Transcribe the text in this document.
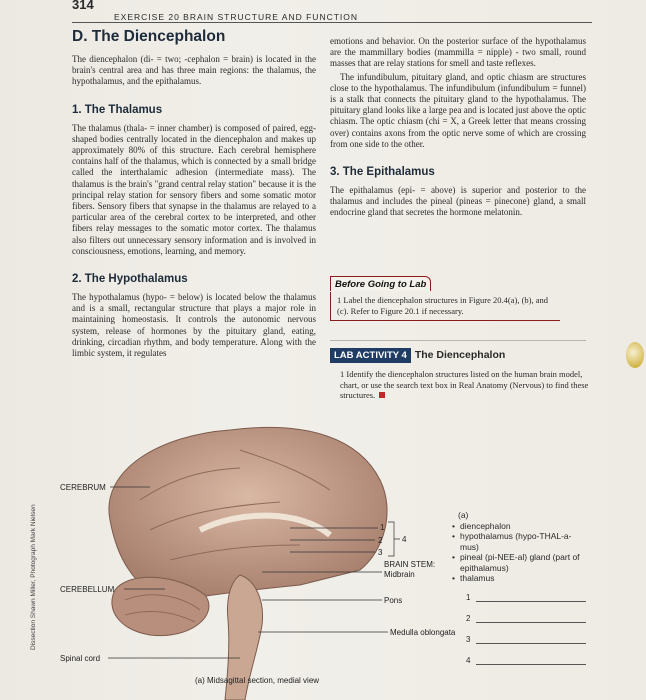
314
EXERCISE 20 BRAIN STRUCTURE AND FUNCTION
D. The Diencephalon

The diencephalon (di- = two; -cephalon = brain) is located in the brain's central area and has three main regions: the thalamus, the hypothalamus, and the epithalamus.

1. The Thalamus

The thalamus (thala- = inner chamber) is composed of paired, egg-shaped bodies centrally located in the diencephalon and makes up approximately 80% of this structure. Each cerebral hemisphere contains half of the thalamus, which is connected by a small bridge called the interthalamic adhesion (intermediate mass). The thalamus is the brain's "grand central relay station" because it is the principal relay station for sensory fibers and some somatic motor fibers. Sensory fibers that synapse in the thalamus are relayed to a particular area of the cerebral cortex to be interpreted, and other fibers relay messages to the somatic motor cortex. The thalamus also filters out unnecessary sensory information and is involved in consciousness, emotions, learning, and memory.

2. The Hypothalamus

The hypothalamus (hypo- = below) is located below the thalamus and is a small, rectangular structure that plays a major role in maintaining homeostasis. It controls the autonomic nervous system, release of hormones by the pituitary gland, eating, drinking, circadian rhythm, and body temperature. Along with the limbic system, it regulates

emotions and behavior. On the posterior surface of the hypothalamus are the mammillary bodies (mammilla = nipple) - two small, round masses that are relay stations for smell and taste reflexes.

The infundibulum, pituitary gland, and optic chiasm are structures close to the hypothalamus. The infundibulum (infundibulum = funnel) is a stalk that connects the pituitary gland to the hypothalamus. The pituitary gland looks like a large pea and is located just above the optic chiasm. The optic chiasm (chi = X, a Greek letter that means crossing over) contains axons from the optic nerve some of which are crossing from one side to the other.

3. The Epithalamus

The epithalamus (epi- = above) is superior and posterior to the thalamus and includes the pineal (pineas = pinecone) gland, a small endocrine gland that secretes the hormone melatonin.

Before Going to Lab
1 Label the diencephalon structures in Figure 20.4(a), (b), and (c). Refer to Figure 20.1 if necessary.
LAB ACTIVITY 4 The Diencephalon
1 Identify the diencephalon structures listed on the human brain model, chart, or use the search text box in Real Anatomy (Nervous) to find these structures.
CEREBRUM
CEREBELLUM
Spinal cord
1
2
3
4
BRAIN STEM:
Midbrain
Pons
Medulla oblongata
(a) Midsagittal section, medial view
(a)
• diencephalon
• hypothalamus (hypo-THAL-a-mus)
• pineal (pi-NEE-al) gland (part of epithalamus)
• thalamus
1
2
3
4
Dissection Shawn Miller, Photograph Mark Nielsen
